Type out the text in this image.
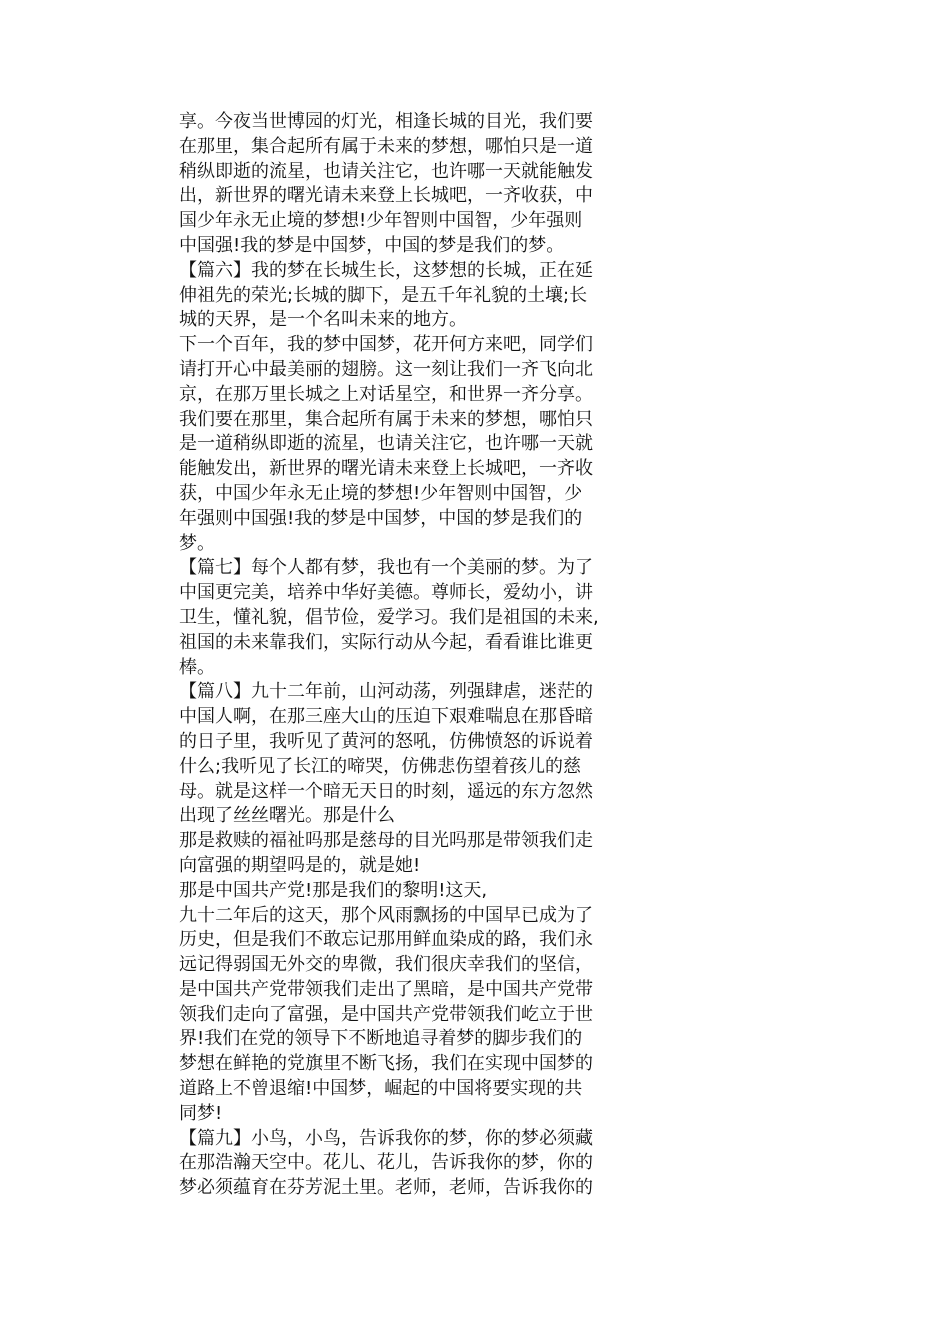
享。今夜当世博园的灯光，相逢长城的目光，我们要
在那里，集合起所有属于未来的梦想，哪怕只是一道
稍纵即逝的流星，也请关注它，也许哪一天就能触发
出，新世界的曙光请未来登上长城吧，一齐收获，中
国少年永无止境的梦想!少年智则中国智，少年强则
中国强!我的梦是中国梦，中国的梦是我们的梦。
【篇六】我的梦在长城生长，这梦想的长城，正在延
伸祖先的荣光;长城的脚下，是五千年礼貌的土壤;长
城的天界，是一个名叫未来的地方。
下一个百年，我的梦中国梦，花开何方来吧，同学们
请打开心中最美丽的翅膀。这一刻让我们一齐飞向北
京，在那万里长城之上对话星空，和世界一齐分享。
我们要在那里，集合起所有属于未来的梦想，哪怕只
是一道稍纵即逝的流星，也请关注它，也许哪一天就
能触发出，新世界的曙光请未来登上长城吧，一齐收
获，中国少年永无止境的梦想!少年智则中国智，少
年强则中国强!我的梦是中国梦，中国的梦是我们的
梦。
【篇七】每个人都有梦，我也有一个美丽的梦。为了
中国更完美，培养中华好美德。尊师长，爱幼小，讲
卫生，懂礼貌，倡节俭，爱学习。我们是祖国的未来,
祖国的未来靠我们，实际行动从今起，看看谁比谁更
棒。
【篇八】九十二年前，山河动荡，列强肆虐，迷茫的
中国人啊，在那三座大山的压迫下艰难喘息在那昏暗
的日子里，我听见了黄河的怒吼，仿佛愤怒的诉说着
什么;我听见了长江的啼哭，仿佛悲伤望着孩儿的慈
母。就是这样一个暗无天日的时刻，遥远的东方忽然
出现了丝丝曙光。那是什么
那是救赎的福祉吗那是慈母的目光吗那是带领我们走
向富强的期望吗是的，就是她!
那是中国共产党!那是我们的黎明!这天,
九十二年后的这天，那个风雨飘扬的中国早已成为了
历史，但是我们不敢忘记那用鲜血染成的路，我们永
远记得弱国无外交的卑微，我们很庆幸我们的坚信，
是中国共产党带领我们走出了黑暗，是中国共产党带
领我们走向了富强，是中国共产党带领我们屹立于世
界!我们在党的领导下不断地追寻着梦的脚步我们的
梦想在鲜艳的党旗里不断飞扬，我们在实现中国梦的
道路上不曾退缩!中国梦，崛起的中国将要实现的共
同梦!
【篇九】小鸟，小鸟，告诉我你的梦，你的梦必须藏
在那浩瀚天空中。花儿、花儿，告诉我你的梦，你的
梦必须蕴育在芬芳泥土里。老师，老师，告诉我你的
